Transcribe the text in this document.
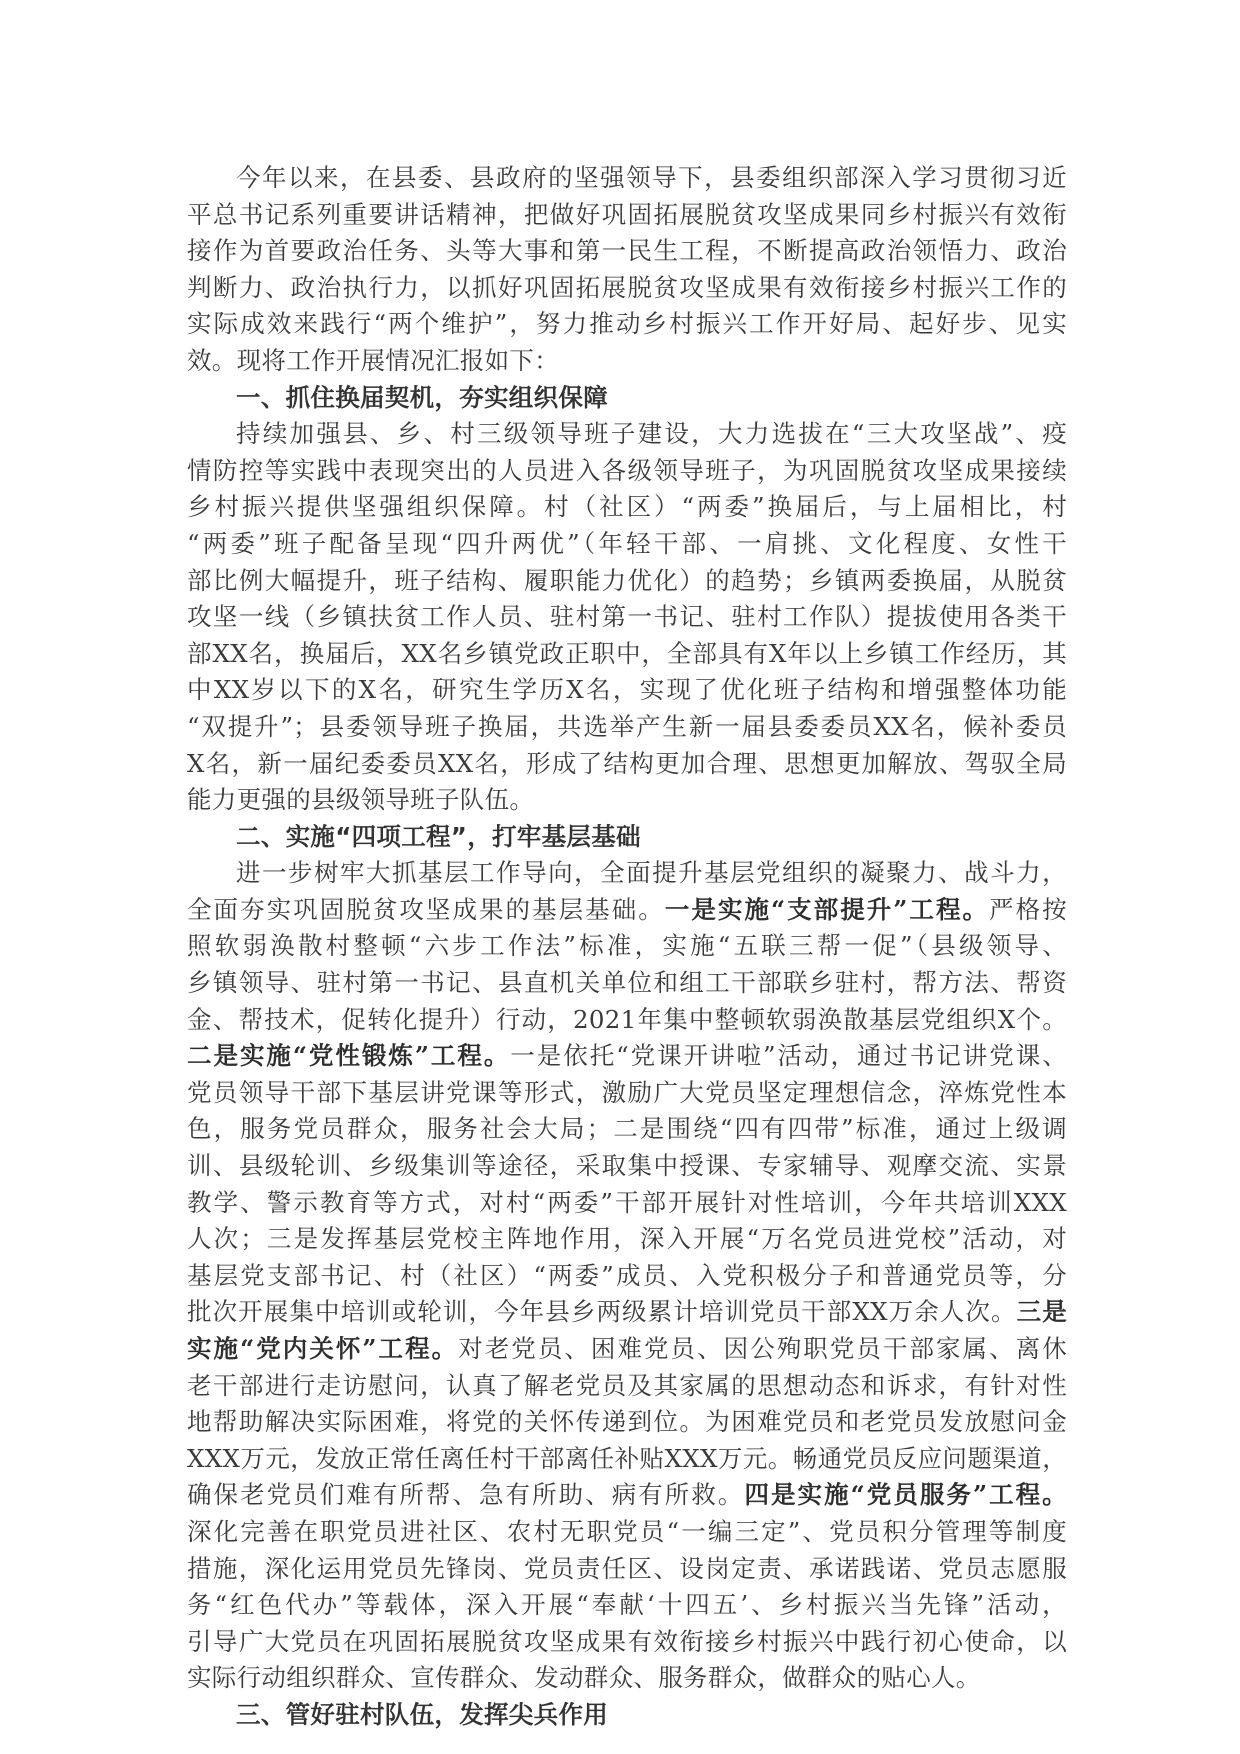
今年以来，在县委、县政府的坚强领导下，县委组织部深入学习贯彻习近
平总书记系列重要讲话精神，把做好巩固拓展脱贫攻坚成果同乡村振兴有效衔
接作为首要政治任务、头等大事和第一民生工程，不断提高政治领悟力、政治
判断力、政治执行力，以抓好巩固拓展脱贫攻坚成果有效衔接乡村振兴工作的
实际成效来践行“两个维护”，努力推动乡村振兴工作开好局、起好步、见实
效。现将工作开展情况汇报如下：
一、抓住换届契机，夯实组织保障
持续加强县、乡、村三级领导班子建设，大力选拔在“三大攻坚战”、疫
情防控等实践中表现突出的人员进入各级领导班子，为巩固脱贫攻坚成果接续
乡村振兴提供坚强组织保障。村（社区）“两委”换届后，与上届相比，村
“两委”班子配备呈现“四升两优”（年轻干部、一肩挑、文化程度、女性干
部比例大幅提升，班子结构、履职能力优化）的趋势；乡镇两委换届，从脱贫
攻坚一线（乡镇扶贫工作人员、驻村第一书记、驻村工作队）提拔使用各类干
部XX名，换届后，XX名乡镇党政正职中，全部具有X年以上乡镇工作经历，其
中XX岁以下的X名，研究生学历X名，实现了优化班子结构和增强整体功能
“双提升”；县委领导班子换届，共选举产生新一届县委委员XX名，候补委员
X名，新一届纪委委员XX名，形成了结构更加合理、思想更加解放、驾驭全局
能力更强的县级领导班子队伍。
二、实施“四项工程”，打牢基层基础
进一步树牢大抓基层工作导向，全面提升基层党组织的凝聚力、战斗力，
全面夯实巩固脱贫攻坚成果的基层基础。一是实施“支部提升”工程。严格按
照软弱涣散村整顿“六步工作法”标准，实施“五联三帮一促”（县级领导、
乡镇领导、驻村第一书记、县直机关单位和组工干部联乡驻村，帮方法、帮资
金、帮技术，促转化提升）行动，2021年集中整顿软弱涣散基层党组织X个。
二是实施“党性锻炼”工程。一是依托“党课开讲啦”活动，通过书记讲党课、
党员领导干部下基层讲党课等形式，激励广大党员坚定理想信念，淬炼党性本
色，服务党员群众，服务社会大局；二是围绕“四有四带”标准，通过上级调
训、县级轮训、乡级集训等途径，采取集中授课、专家辅导、观摩交流、实景
教学、警示教育等方式，对村“两委”干部开展针对性培训，今年共培训XXX
人次；三是发挥基层党校主阵地作用，深入开展“万名党员进党校”活动，对
基层党支部书记、村（社区）“两委”成员、入党积极分子和普通党员等，分
批次开展集中培训或轮训，今年县乡两级累计培训党员干部XX万余人次。三是
实施“党内关怀”工程。对老党员、困难党员、因公殉职党员干部家属、离休
老干部进行走访慰问，认真了解老党员及其家属的思想动态和诉求，有针对性
地帮助解决实际困难，将党的关怀传递到位。为困难党员和老党员发放慰问金
XXX万元，发放正常任离任村干部离任补贴XXX万元。畅通党员反应问题渠道，
确保老党员们难有所帮、急有所助、病有所救。四是实施“党员服务”工程。
深化完善在职党员进社区、农村无职党员“一编三定”、党员积分管理等制度
措施，深化运用党员先锋岗、党员责任区、设岗定责、承诺践诺、党员志愿服
务“红色代办”等载体，深入开展“奉献‘十四五’、乡村振兴当先锋”活动，
引导广大党员在巩固拓展脱贫攻坚成果有效衔接乡村振兴中践行初心使命，以
实际行动组织群众、宣传群众、发动群众、服务群众，做群众的贴心人。
三、管好驻村队伍，发挥尖兵作用
